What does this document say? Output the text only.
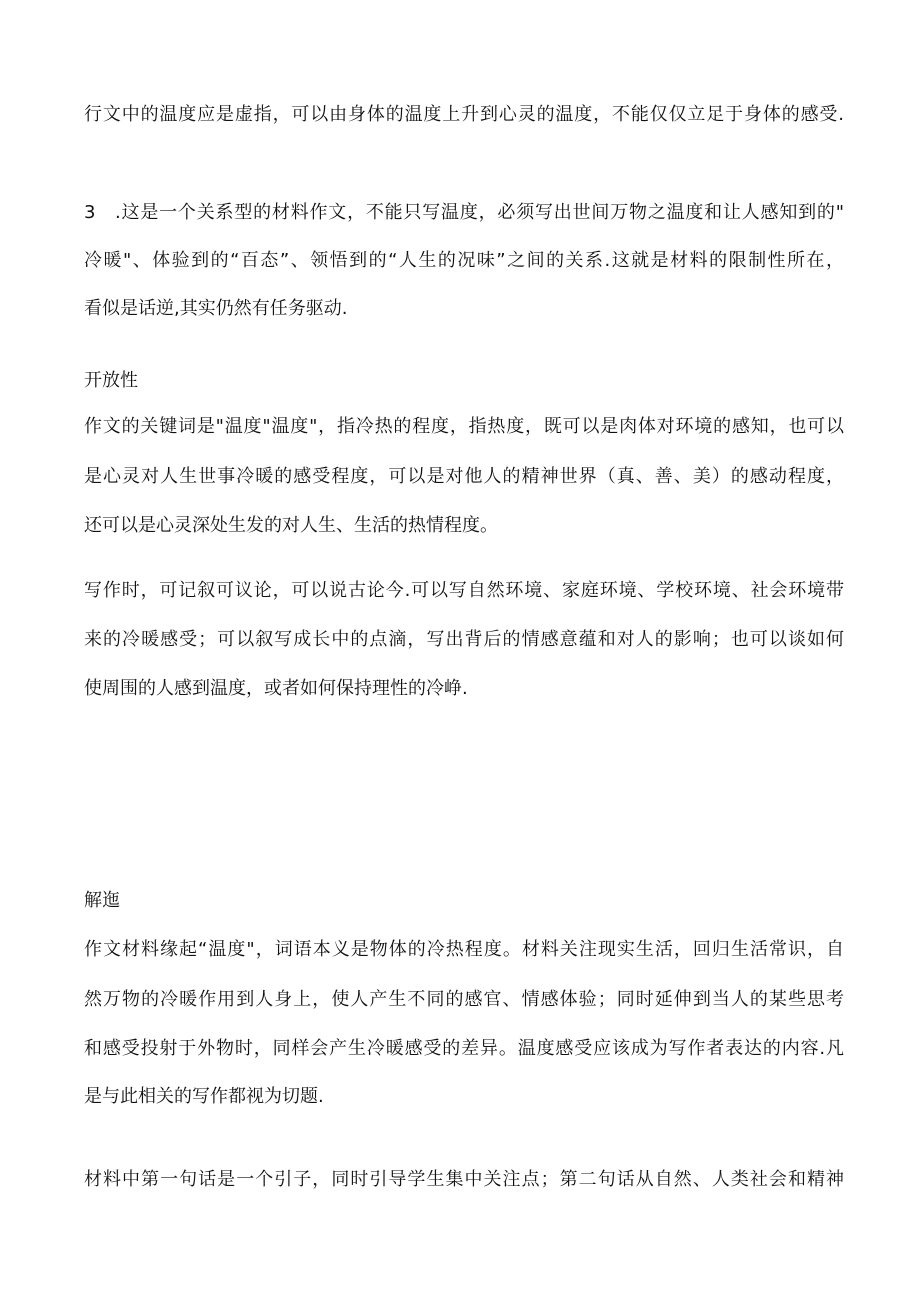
行文中的温度应是虚指，可以由身体的温度上升到心灵的温度，不能仅仅立足于身体的感受.
3　.这是一个关系型的材料作文，不能只写温度，必须写出世间万物之温度和让人感知到的"
冷暖"、体验到的“百态”、领悟到的“人生的况味”之间的关系.这就是材料的限制性所在，
看似是话逆,其实仍然有任务驱动.
开放性
作文的关键词是"温度"温度"，指冷热的程度，指热度，既可以是肉体对环境的感知，也可以
是心灵对人生世事冷暖的感受程度，可以是对他人的精神世界（真、善、美）的感动程度，
还可以是心灵深处生发的对人生、生活的热情程度。
写作时，可记叙可议论，可以说古论今.可以写自然环境、家庭环境、学校环境、社会环境带
来的冷暖感受；可以叙写成长中的点滴，写出背后的情感意蕴和对人的影响；也可以谈如何
使周围的人感到温度，或者如何保持理性的冷峥.
解迤
作文材料缘起“温度"，词语本义是物体的冷热程度。材料关注现实生活，回归生活常识，自
然万物的冷暖作用到人身上，使人产生不同的感官、情感体验；同时延伸到当人的某些思考
和感受投射于外物时，同样会产生冷暖感受的差异。温度感受应该成为写作者表达的内容.凡
是与此相关的写作都视为切题.
材料中第一句话是一个引子，同时引导学生集中关注点；第二句话从自然、人类社会和精神
